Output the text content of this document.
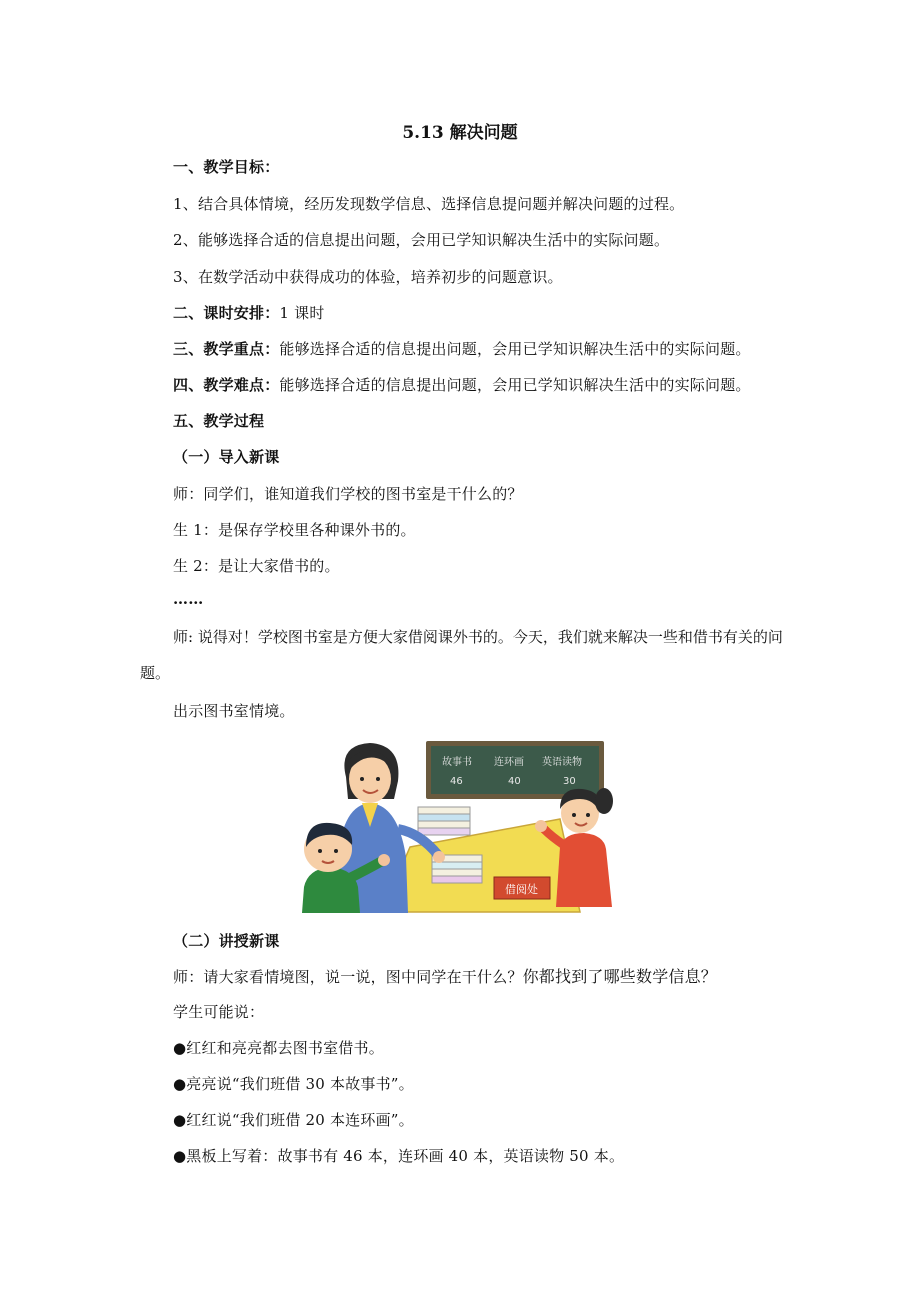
5.13 解决问题
一、教学目标：
1、结合具体情境，经历发现数学信息、选择信息提问题并解决问题的过程。
2、能够选择合适的信息提出问题，会用已学知识解决生活中的实际问题。
3、在数学活动中获得成功的体验，培养初步的问题意识。
二、课时安排：1 课时
三、教学重点：能够选择合适的信息提出问题，会用已学知识解决生活中的实际问题。
四、教学难点：能够选择合适的信息提出问题，会用已学知识解决生活中的实际问题。
五、教学过程
（一）导入新课
师：同学们，谁知道我们学校的图书室是干什么的？
生 1：是保存学校里各种课外书的。
生 2：是让大家借书的。
……
师: 说得对！学校图书室是方便大家借阅课外书的。今天，我们就来解决一些和借书有关的问题。
出示图书室情境。
故事书 连环画 英语读物
46	40	30
借阅处
（二）讲授新课
师：请大家看情境图，说一说，图中同学在干什么？你都找到了哪些数学信息？
学生可能说：
●红红和亮亮都去图书室借书。
●亮亮说“我们班借 30 本故事书”。
●红红说“我们班借 20 本连环画”。
●黑板上写着：故事书有 46 本，连环画 40 本，英语读物 50 本。
